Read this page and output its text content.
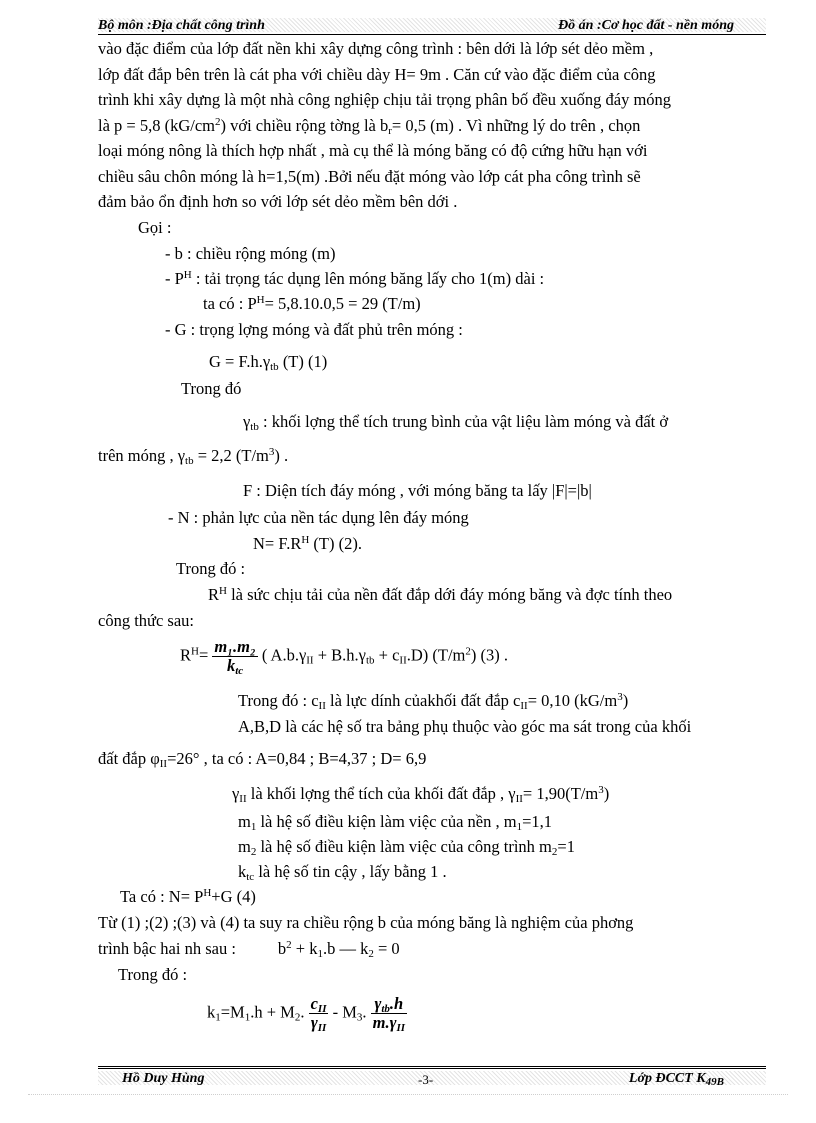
Bộ môn :Địa chất công trình	Đồ án :Cơ học đất - nền móng
vào đặc điểm của lớp đất nền khi xây dựng công trình : bên dới là lớp sét dẻo mềm ,
lớp đất đắp bên trên là cát pha với chiều dày H= 9m . Căn cứ vào đặc điểm của công
trình khi xây dựng là một nhà công nghiệp chịu tải trọng phân bố đều xuống đáy móng
là p = 5,8 $(kG/cm^2)$ với chiều rộng tờng là $b_r= 0,5$ (m) . Vì những lý do trên , chọn
loại móng nông là thích hợp nhất , mà cụ thể là móng băng có độ cứng hữu hạn với
chiều sâu chôn móng là h=1,5(m) .Bởi nếu đặt móng vào lớp cát pha công trình sẽ
đảm bảo ổn định hơn so với lớp sét dẻo mềm bên dới .
Gọi :
- b : chiều rộng móng (m)
- $P^H$ : tải trọng tác dụng lên móng băng lấy cho 1(m) dài :
ta có : $P^H= 5,8.10.0,5 = 29$ (T/m)
- G : trọng lợng móng và đất phủ trên móng :
$G = F.h.\gamma_{tb}$ (T) (1)
Trong đó
$\gamma_{tb}$ : khối lợng thể tích trung bình của vật liệu làm móng và đất ở
trên móng , $\gamma_{tb} = 2,2$ $(T/m^3)$ .
F : Diện tích đáy móng , với móng băng ta lấy |F|=|b|
- N : phản lực của nền tác dụng lên đáy móng
$N= F.R^H$ (T) (2).
Trong đó :
$R^H$ là sức chịu tải của nền đất đắp dới đáy móng băng và đợc tính theo
công thức sau:
$R^H= \frac{\text{m₁.m₂}}{k_{tc}}$ ( $A.b.\gamma_{II} + B.h.\gamma_{tb} + c_{II}.D$) $(T/m^2)$ (3) .
Trong đó : $c_{II}$ là lực dính củakhối đất đắp $c_{II}= 0,10$ $(kG/m^3)$
A,B,D là các hệ số tra bảng phụ thuộc vào góc ma sát trong của khối
đất đắp $\varphi_{II}=26^\circ$ , ta có : A=0,84 ; B=4,37 ; D= 6,9
$\gamma_{II}$ là khối lợng thể tích của khối đất đắp , $\gamma_{II}= 1,90(T/m^3)$
$m_1$ là hệ số điều kiện làm việc của nền , $m_1=1,1$
$m_2$ là hệ số điều kiện làm việc của công trình $m_2=1$
$k_{tc}$ là hệ số tin cậy , lấy bằng 1 .
Ta có : $N= P^H+G$ (4)
Từ (1) ;(2) ;(3) và (4) ta suy ra chiều rộng b của móng băng là nghiệm của phơng
trình bậc hai nh sau :	$b^2 + k_1.b$ — $k_2 = 0$
Trong đó :
$k_1=M_1.h + M_2$. $\frac{c_{II}}{\gamma_{II}} - M_3$. $\frac{\gamma_{tb}.h}{m.\gamma_{II}}$
Hồ Duy Hùng	-3-	Lớp ĐCCT $K_{49B}$
